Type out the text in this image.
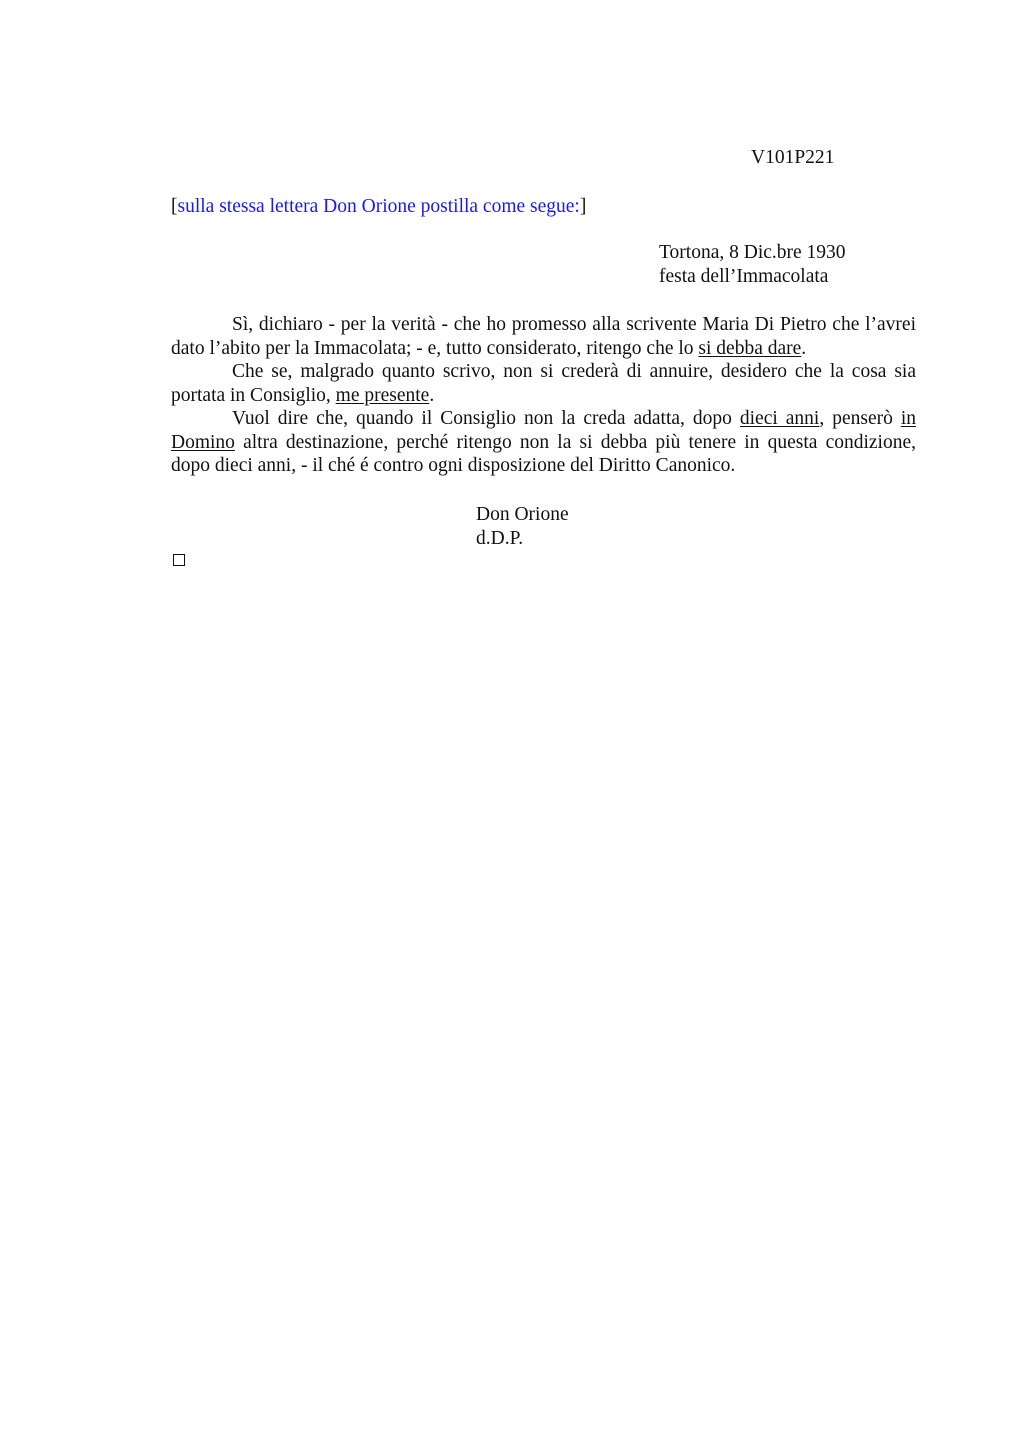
V101P221
[sulla stessa lettera Don Orione postilla come segue:]
Tortona, 8 Dic.bre 1930
festa dell’Immacolata

Sì, dichiaro - per la verità - che ho promesso alla scrivente Maria Di Pietro che l’avrei dato l’abito per la Immacolata; - e, tutto considerato, ritengo che lo si debba dare.

Che se, malgrado quanto scrivo, non si crederà di annuire, desidero che la cosa sia portata in Consiglio, me presente.

Vuol dire che, quando il Consiglio non la creda adatta, dopo dieci anni, penserò in Domino altra destinazione, perché ritengo non la si debba più tenere in questa condizione, dopo dieci anni, - il ché é contro ogni disposizione del Diritto Canonico.

Don Orione
d.D.P.
